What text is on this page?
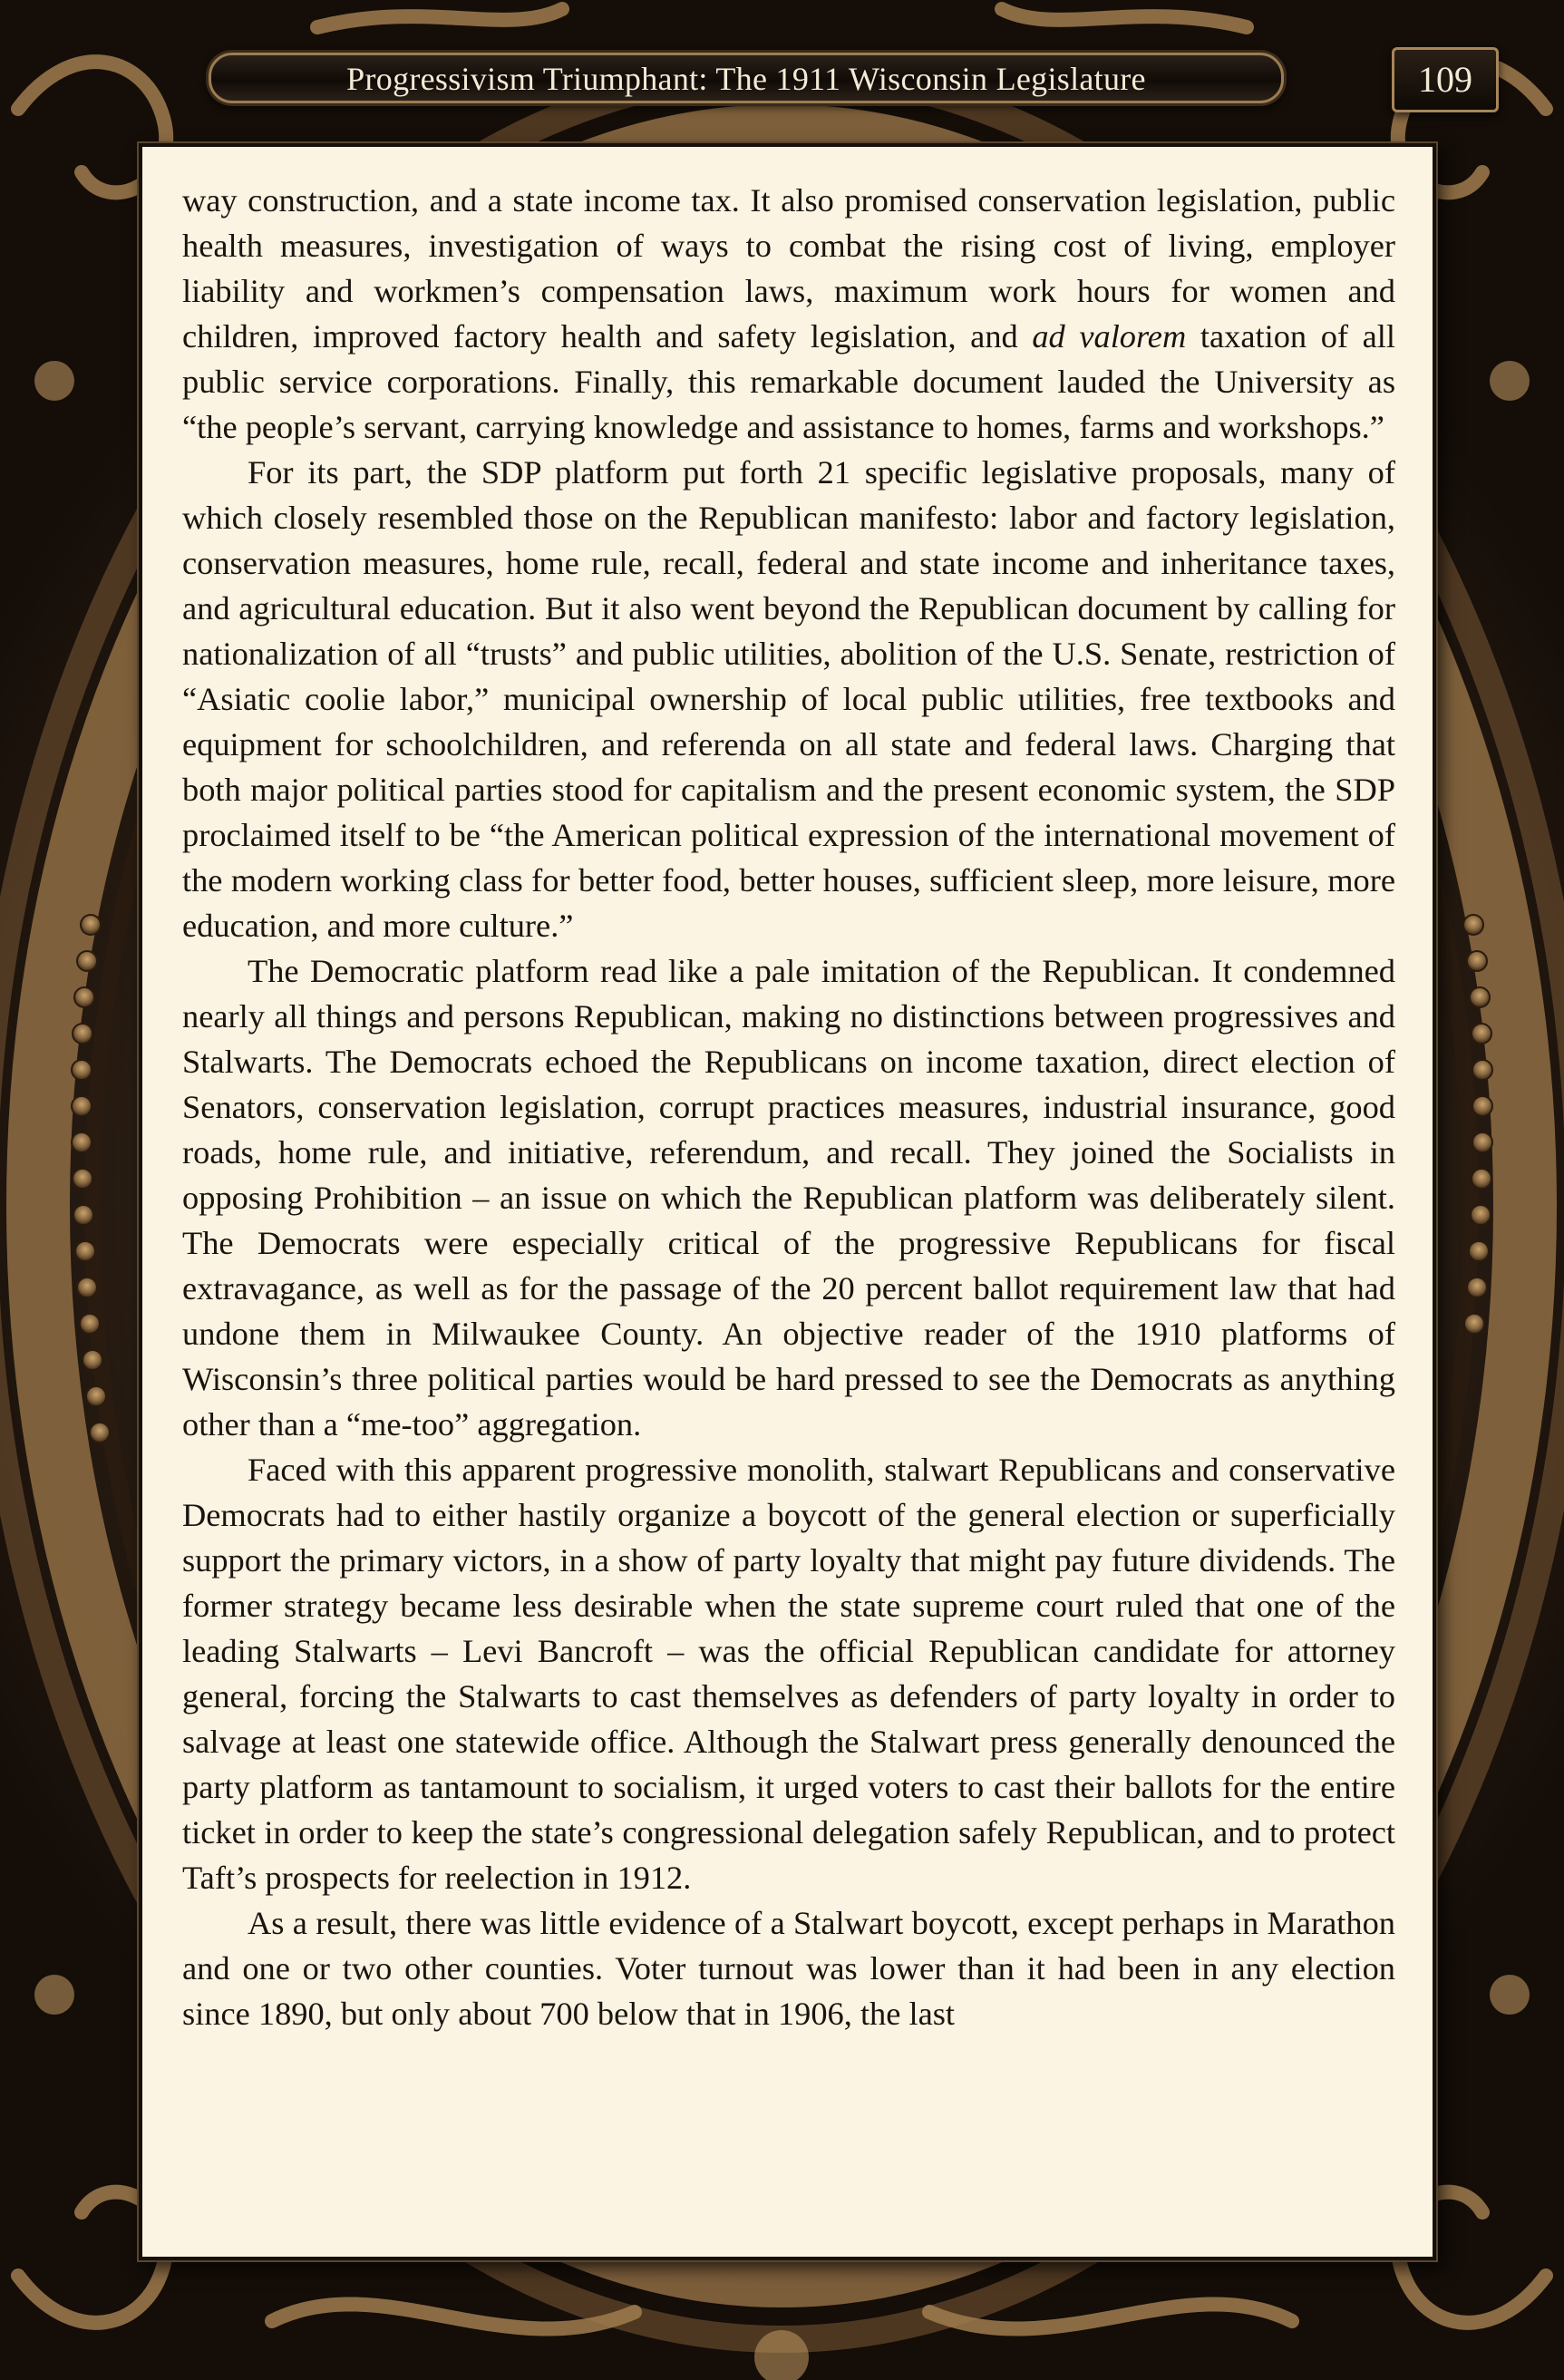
Progressivism Triumphant: The 1911 Wisconsin Legislature	109

way construction, and a state income tax. It also promised conservation legislation, public health measures, investigation of ways to combat the rising cost of living, employer liability and workmen’s compensation laws, maximum work hours for women and children, improved factory health and safety legislation, and ad valorem taxation of all public service corporations. Finally, this remarkable document lauded the University as “the people’s servant, carrying knowledge and assistance to homes, farms and workshops.”

For its part, the SDP platform put forth 21 specific legislative proposals, many of which closely resembled those on the Republican manifesto: labor and factory legislation, conservation measures, home rule, recall, federal and state income and inheritance taxes, and agricultural education. But it also went beyond the Republican document by calling for nationalization of all “trusts” and public utilities, abolition of the U.S. Senate, restriction of “Asiatic coolie labor,” municipal ownership of local public utilities, free textbooks and equipment for schoolchildren, and referenda on all state and federal laws. Charging that both major political parties stood for capitalism and the present economic system, the SDP proclaimed itself to be “the American political expression of the international movement of the modern working class for better food, better houses, sufficient sleep, more leisure, more education, and more culture.”

The Democratic platform read like a pale imitation of the Republican. It condemned nearly all things and persons Republican, making no distinctions between progressives and Stalwarts. The Democrats echoed the Republicans on income taxation, direct election of Senators, conservation legislation, corrupt practices measures, industrial insurance, good roads, home rule, and initiative, referendum, and recall. They joined the Socialists in opposing Prohibition – an issue on which the Republican platform was deliberately silent. The Democrats were especially critical of the progressive Republicans for fiscal extravagance, as well as for the passage of the 20 percent ballot requirement law that had undone them in Milwaukee County. An objective reader of the 1910 platforms of Wisconsin’s three political parties would be hard pressed to see the Democrats as anything other than a “me-too” aggregation.

Faced with this apparent progressive monolith, stalwart Republicans and conservative Democrats had to either hastily organize a boycott of the general election or superficially support the primary victors, in a show of party loyalty that might pay future dividends. The former strategy became less desirable when the state supreme court ruled that one of the leading Stalwarts – Levi Bancroft – was the official Republican candidate for attorney general, forcing the Stalwarts to cast themselves as defenders of party loyalty in order to salvage at least one statewide office. Although the Stalwart press generally denounced the party platform as tantamount to socialism, it urged voters to cast their ballots for the entire ticket in order to keep the state’s congressional delegation safely Republican, and to protect Taft’s prospects for reelection in 1912.

As a result, there was little evidence of a Stalwart boycott, except perhaps in Marathon and one or two other counties. Voter turnout was lower than it had been in any election since 1890, but only about 700 below that in 1906, the last
